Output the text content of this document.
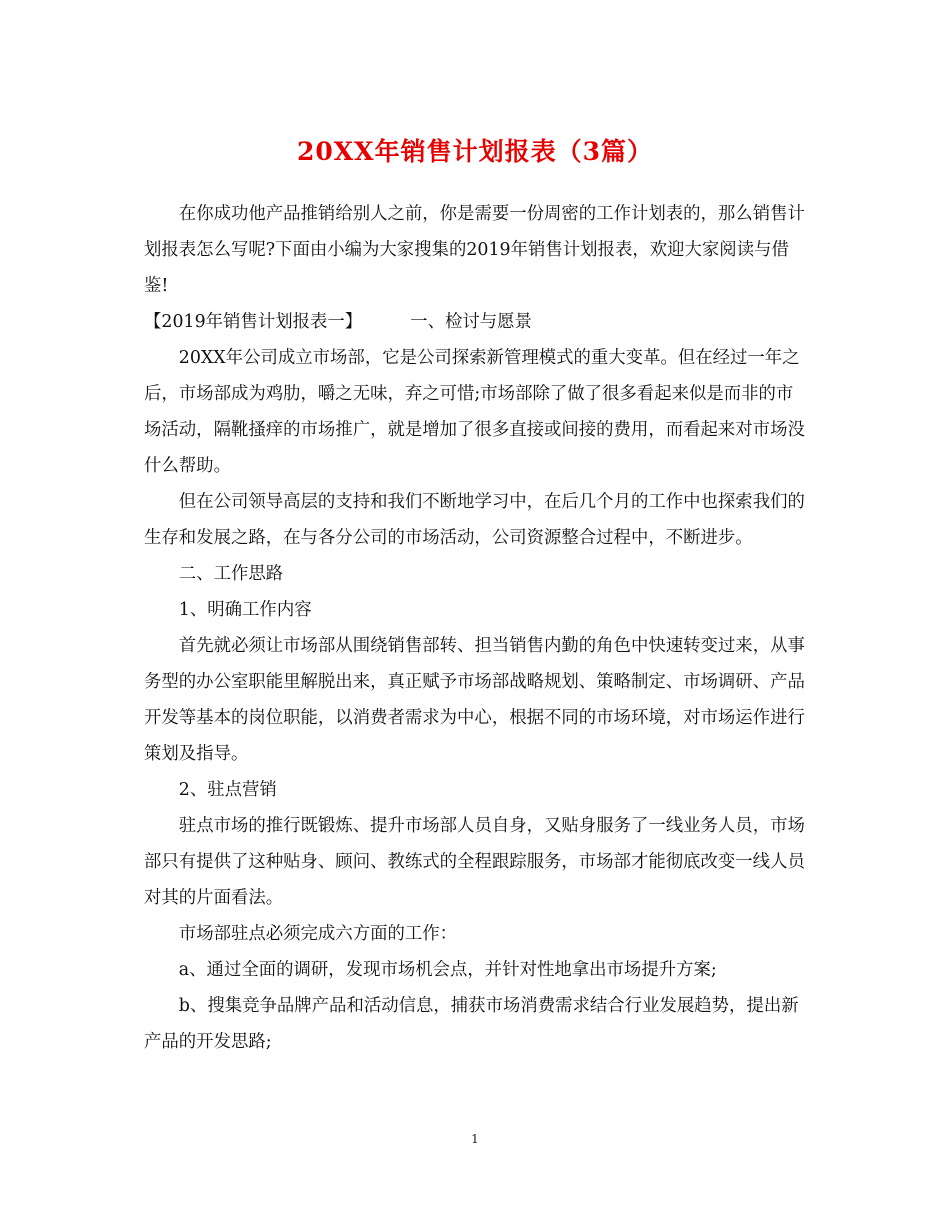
20XX年销售计划报表（3篇）

在你成功他产品推销给别人之前，你是需要一份周密的工作计划表的，那么销售计划报表怎么写呢?下面由小编为大家搜集的2019年销售计划报表，欢迎大家阅读与借鉴!

【2019年销售计划报表一】	一、检讨与愿景

20XX年公司成立市场部，它是公司探索新管理模式的重大变革。但在经过一年之后，市场部成为鸡肋，嚼之无味，弃之可惜;市场部除了做了很多看起来似是而非的市场活动，隔靴搔痒的市场推广，就是增加了很多直接或间接的费用，而看起来对市场没什么帮助。

但在公司领导高层的支持和我们不断地学习中，在后几个月的工作中也探索我们的生存和发展之路，在与各分公司的市场活动，公司资源整合过程中，不断进步。

二、工作思路

1、明确工作内容

首先就必须让市场部从围绕销售部转、担当销售内勤的角色中快速转变过来，从事务型的办公室职能里解脱出来，真正赋予市场部战略规划、策略制定、市场调研、产品开发等基本的岗位职能，以消费者需求为中心，根据不同的市场环境，对市场运作进行策划及指导。

2、驻点营销

驻点市场的推行既锻炼、提升市场部人员自身，又贴身服务了一线业务人员，市场部只有提供了这种贴身、顾问、教练式的全程跟踪服务，市场部才能彻底改变一线人员对其的片面看法。

市场部驻点必须完成六方面的工作：

a、通过全面的调研，发现市场机会点，并针对性地拿出市场提升方案;

b、搜集竞争品牌产品和活动信息，捕获市场消费需求结合行业发展趋势，提出新产品的开发思路;

1
